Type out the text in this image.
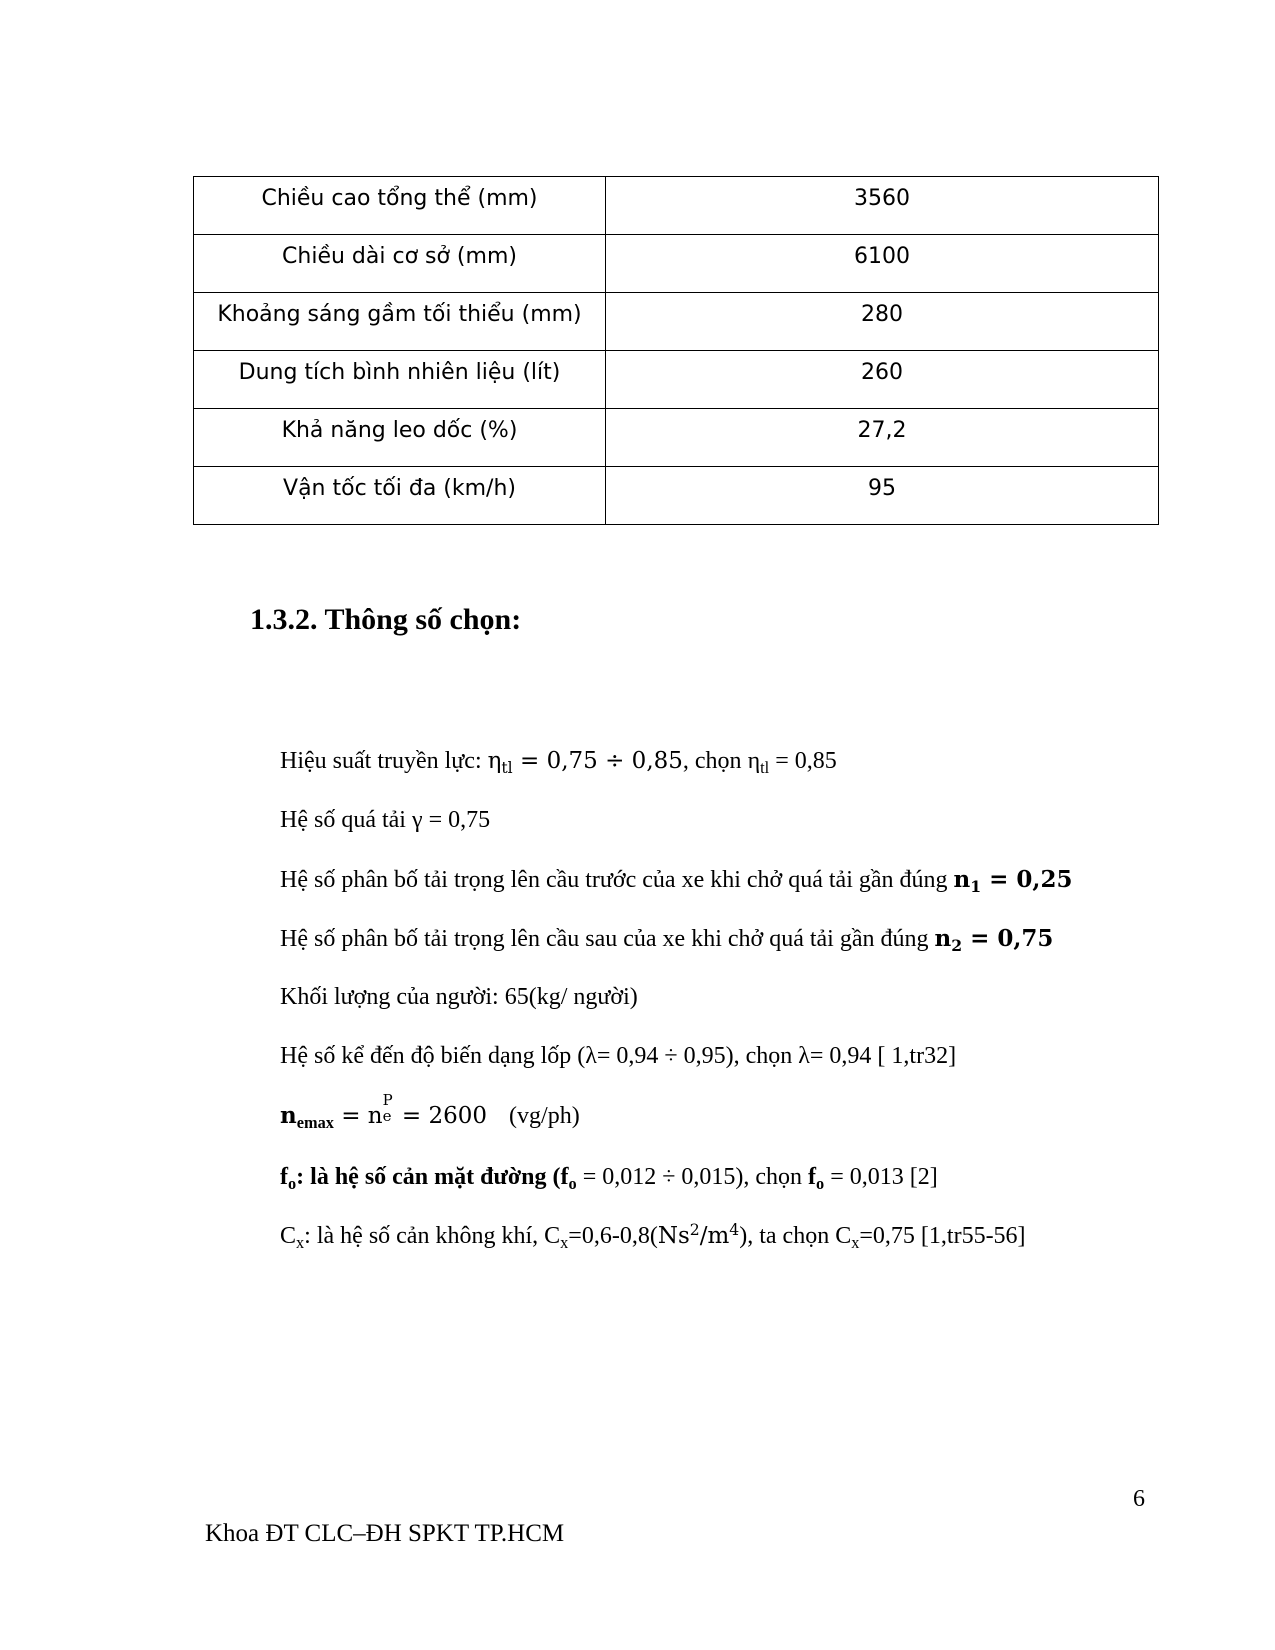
Chiều cao tổng thể (mm)	3560
Chiều dài cơ sở (mm)	6100
Khoảng sáng gầm tối thiểu (mm)	280
Dung tích bình nhiên liệu (lít)	260
Khả năng leo dốc (%)	27,2
Vận tốc tối đa (km/h)	95
1.3.2. Thông số chọn:

Hiệu suất truyền lực: $\eta_{tl} = 0,75 \div 0,85$, chọn $\eta_{tl} = 0,85$

Hệ số quá tải γ = 0,75

Hệ số phân bố tải trọng lên cầu trước của xe khi chở quá tải gần đúng $n_1 = 0,25$

Hệ số phân bố tải trọng lên cầu sau của xe khi chở quá tải gần đúng $n_2 = 0,75$

Khối lượng của người: 65(kg/ người)

Hệ số kể đến độ biến dạng lốp (λ= 0,94 ÷ 0,95), chọn λ= 0,94 [ 1,tr32]

$n_{emax} = n$
P
e = 2600 (vg/ph)

$f_o$: là hệ số cản mặt đường $(f_o = 0,012 \div 0,015)$, chọn $f_o = 0,013$ [2]

$C_x$: là hệ số cản không khí, $C_x=0,6-0,8(Ns^2/m^4)$, ta chọn $C_x=0,75$ [1,tr55-56]

6
Khoa ĐT CLC–ĐH SPKT TP.HCM
